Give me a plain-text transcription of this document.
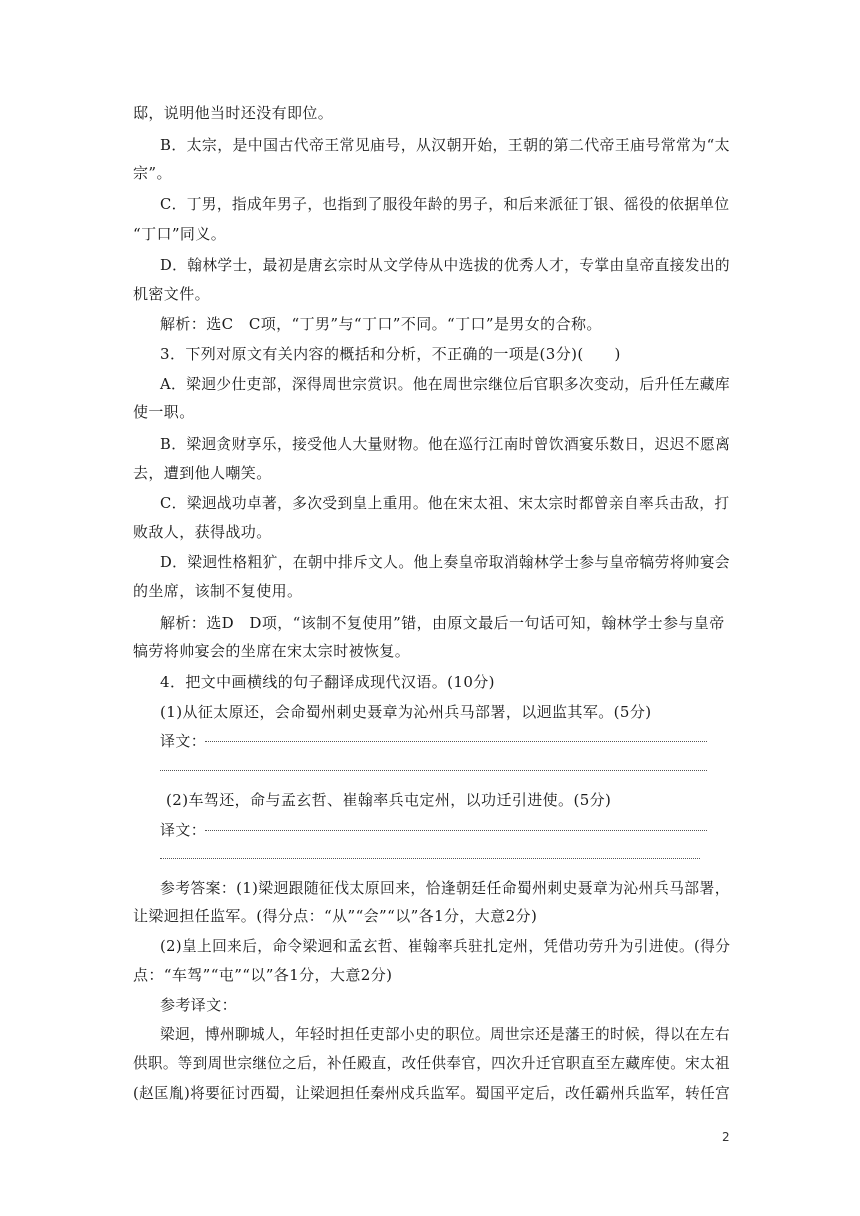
邸，说明他当时还没有即位。
B．太宗，是中国古代帝王常见庙号，从汉朝开始，王朝的第二代帝王庙号常常为“太
宗”。
C．丁男，指成年男子，也指到了服役年龄的男子，和后来派征丁银、徭役的依据单位
“丁口”同义。
D．翰林学士，最初是唐玄宗时从文学侍从中选拔的优秀人才，专掌由皇帝直接发出的
机密文件。
解析：选C　C项，“丁男”与“丁口”不同。“丁口”是男女的合称。
3．下列对原文有关内容的概括和分析，不正确的一项是(3分)(　　)
A．梁迥少仕吏部，深得周世宗赏识。他在周世宗继位后官职多次变动，后升任左藏库
使一职。
B．梁迥贪财享乐，接受他人大量财物。他在巡行江南时曾饮酒宴乐数日，迟迟不愿离
去，遭到他人嘲笑。
C．梁迥战功卓著，多次受到皇上重用。他在宋太祖、宋太宗时都曾亲自率兵击敌，打
败敌人，获得战功。
D．梁迥性格粗犷，在朝中排斥文人。他上奏皇帝取消翰林学士参与皇帝犒劳将帅宴会
的坐席，该制不复使用。
解析：选D　D项，“该制不复使用”错，由原文最后一句话可知，翰林学士参与皇帝
犒劳将帅宴会的坐席在宋太宗时被恢复。
4．把文中画横线的句子翻译成现代汉语。(10分)
(1)从征太原还，会命蜀州刺史聂章为沁州兵马部署，以迥监其军。(5分)
译文：
(2)车驾还，命与孟玄哲、崔翰率兵屯定州，以功迁引进使。(5分)
译文：
参考答案：(1)梁迥跟随征伐太原回来，恰逢朝廷任命蜀州刺史聂章为沁州兵马部署，
让梁迥担任监军。(得分点：“从”“会”“以”各1分，大意2分)
(2)皇上回来后，命令梁迥和孟玄哲、崔翰率兵驻扎定州，凭借功劳升为引进使。(得分
点：“车驾”“屯”“以”各1分，大意2分)
参考译文：
梁迥，博州聊城人，年轻时担任吏部小史的职位。周世宗还是藩王的时候，得以在左右
供职。等到周世宗继位之后，补任殿直，改任供奉官，四次升迁官职直至左藏库使。宋太祖
(赵匡胤)将要征讨西蜀，让梁迥担任秦州戍兵监军。蜀国平定后，改任霸州兵监军，转任宫
2
